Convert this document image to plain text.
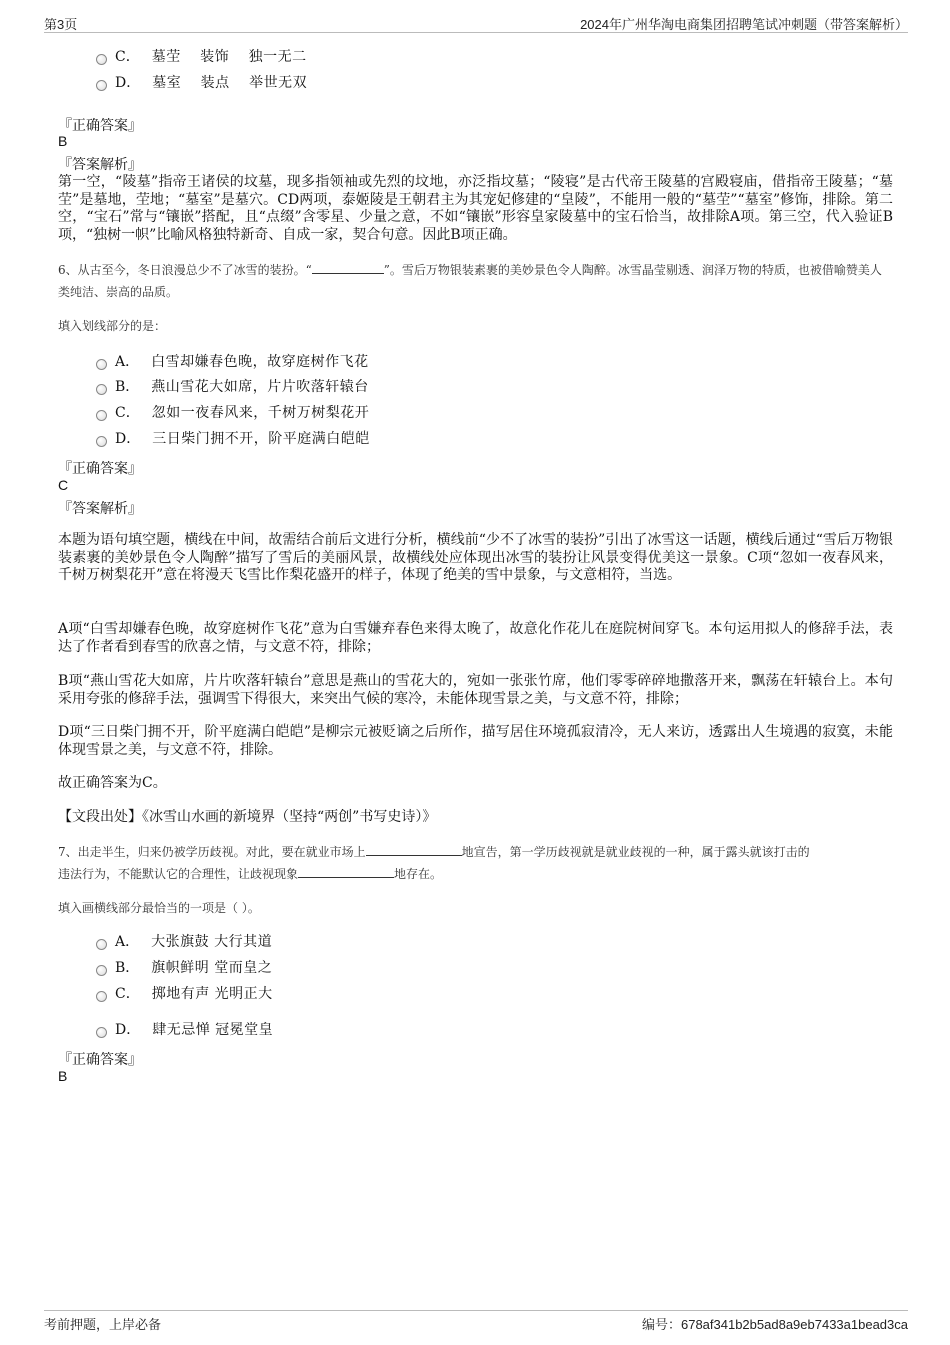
第3页	2024年广州华淘电商集团招聘笔试冲刺题（带答案解析）
C． 墓茔　 装饰　 独一无二
D． 墓室　 装点　 举世无双
『正确答案』
B
『答案解析』
第一空，“陵墓”指帝王诸侯的坟墓，现多指领袖或先烈的坟地，亦泛指坟墓；“陵寝”是古代帝王陵墓的宫殿寝庙，借指帝王陵墓；“墓茔”是墓地，茔地；“墓室”是墓穴。CD两项，泰姬陵是王朝君主为其宠妃修建的“皇陵”，不能用一般的“墓茔”“墓室”修饰，排除。第二空，“宝石”常与“镶嵌”搭配，且“点缀”含零星、少量之意，不如“镶嵌”形容皇家陵墓中的宝石恰当，故排除A项。第三空，代入验证B项，“独树一帜”比喻风格独特新奇、自成一家，契合句意。因此B项正确。
6、从古至今，冬日浪漫总少不了冰雪的装扮。“	”。雪后万物银装素裹的美妙景色令人陶醉。冰雪晶莹剔透、润泽万物的特质，也被借喻赞美人类纯洁、崇高的品质。
填入划线部分的是：
A． 白雪却嫌春色晚，故穿庭树作飞花
B． 燕山雪花大如席，片片吹落轩辕台
C． 忽如一夜春风来，千树万树梨花开
D． 三日柴门拥不开，阶平庭满白皑皑
『正确答案』
C
『答案解析』
本题为语句填空题，横线在中间，故需结合前后文进行分析，横线前“少不了冰雪的装扮”引出了冰雪这一话题，横线后通过“雪后万物银装素裹的美妙景色令人陶醉”描写了雪后的美丽风景，故横线处应体现出冰雪的装扮让风景变得优美这一景象。C项“忽如一夜春风来，千树万树梨花开”意在将漫天飞雪比作梨花盛开的样子，体现了绝美的雪中景象，与文意相符，当选。
A项“白雪却嫌春色晚，故穿庭树作飞花”意为白雪嫌弃春色来得太晚了，故意化作花儿在庭院树间穿飞。本句运用拟人的修辞手法，表达了作者看到春雪的欣喜之情，与文意不符，排除；
B项“燕山雪花大如席，片片吹落轩辕台”意思是燕山的雪花大的，宛如一张张竹席，他们零零碎碎地撒落开来，飘荡在轩辕台上。本句采用夸张的修辞手法，强调雪下得很大，来突出气候的寒冷，未能体现雪景之美，与文意不符，排除；
D项“三日柴门拥不开，阶平庭满白皑皑”是柳宗元被贬谪之后所作，描写居住环境孤寂清冷，无人来访，透露出人生境遇的寂寞，未能体现雪景之美，与文意不符，排除。
故正确答案为C。
【文段出处】《冰雪山水画的新境界（坚持“两创”书写史诗）》
7、出走半生，归来仍被学历歧视。对此，要在就业市场上	地宣告，第一学历歧视就是就业歧视的一种，属于露头就该打击的
违法行为，不能默认它的合理性，让歧视现象	地存在。
填入画横线部分最恰当的一项是（ ）。
A． 大张旗鼓 大行其道
B． 旗帜鲜明 堂而皇之
C． 掷地有声 光明正大
D． 肆无忌惮 冠冕堂皇
『正确答案』
B
考前押题，上岸必备	编号：678af341b2b5ad8a9eb7433a1bead3ca
